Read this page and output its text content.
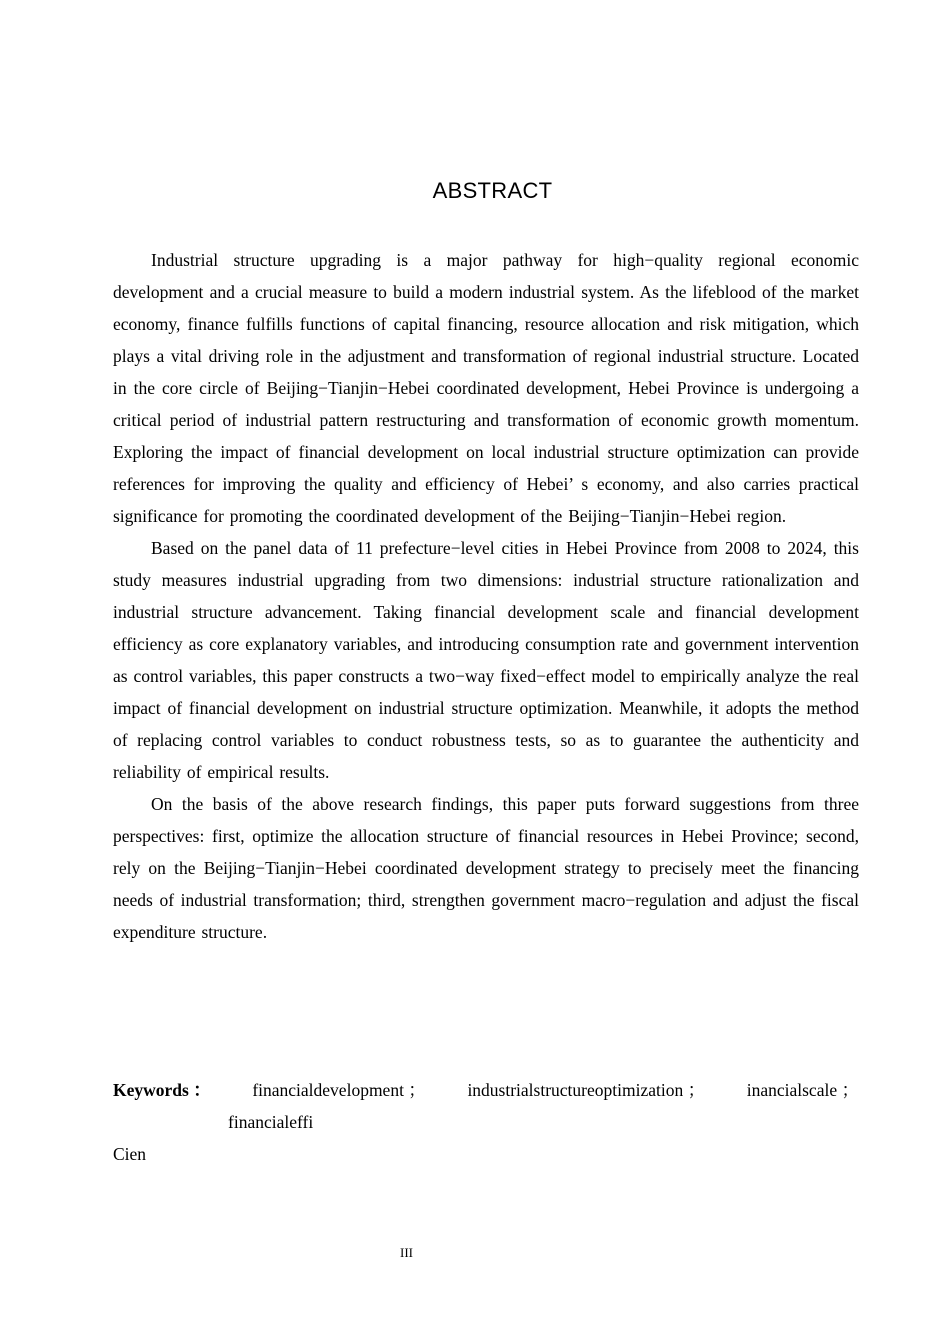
ABSTRACT

Industrial structure upgrading is a major pathway for high−quality regional economic development and a crucial measure to build a modern industrial system. As the lifeblood of the market economy, finance fulfills functions of capital financing, resource allocation and risk mitigation, which plays a vital driving role in the adjustment and transformation of regional industrial structure. Located in the core circle of Beijing−Tianjin−Hebei coordinated development, Hebei Province is undergoing a critical period of industrial pattern restructuring and transformation of economic growth momentum. Exploring the impact of financial development on local industrial structure optimization can provide references for improving the quality and efficiency of Hebei’ s economy, and also carries practical significance for promoting the coordinated development of the Beijing−Tianjin−Hebei region.

Based on the panel data of 11 prefecture−level cities in Hebei Province from 2008 to 2024, this study measures industrial upgrading from two dimensions: industrial structure rationalization and industrial structure advancement. Taking financial development scale and financial development efficiency as core explanatory variables, and introducing consumption rate and government intervention as control variables, this paper constructs a two−way fixed−effect model to empirically analyze the real impact of financial development on industrial structure optimization. Meanwhile, it adopts the method of replacing control variables to conduct robustness tests, so as to guarantee the authenticity and reliability of empirical results.

On the basis of the above research findings, this paper puts forward suggestions from three perspectives: first, optimize the allocation structure of financial resources in Hebei Province; second, rely on the Beijing−Tianjin−Hebei coordinated development strategy to precisely meet the financing needs of industrial transformation; third, strengthen government macro−regulation and adjust the fiscal expenditure structure.

Keywords ： financialdevelopment ； industrialstructureoptimization ； inancialscale ；
financialeffi
Cien
III
